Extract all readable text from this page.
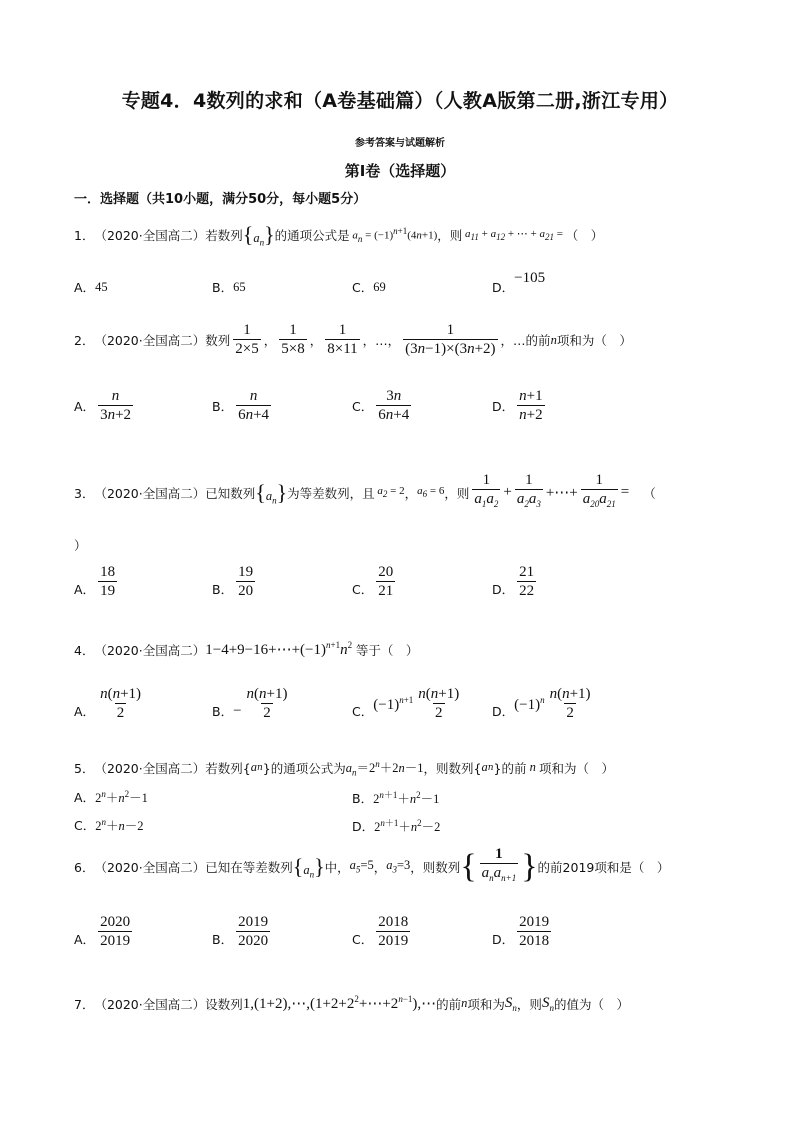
专题4．4数列的求和（A卷基础篇）（人教A版第二册,浙江专用）
参考答案与试题解析
第Ⅰ卷（选择题）
一．选择题（共10小题，满分50分，每小题5分）
1． （2020·全国高二） 若数列 $\{a_n\}$ 的通项公式是 $a_n = (-1)^{n+1}(4n+1)$ ，则 $a_{11} + a_{12}$ + ⋯ + $a_{21}$ = （　）
A． 45	B． 65	C． 69	D．
−105
2． （2020·全国高二） 数列 $\frac{1}{2\times 5}$ ， $\frac{1}{5\times 8}$ ， $\frac{1}{8\times 11}$ ，…， $\frac{1}{(3n-1)\times(3n+2)}$ ，…的前 n 项和为（　）
A． $\frac{n}{3n+2}$	B． $\frac{n}{6n+4}$	C． $\frac{3n}{6n+4}$	D． $\frac{n+1}{n+2}$
3． （2020·全国高二） 已知数列 $\{a_n\}$ 为等差数列，且 $a_2 = 2$ ， $a_6 = 6$ ，则 $\frac{1}{a_1a_2} + \frac{1}{a_2a_3}$ +⋯+ $\frac{1}{a_{20}a_{21}}$ = （
）
A． $\frac{18}{19}$	B． $\frac{19}{20}$	C． $\frac{20}{21}$	D． $\frac{21}{22}$
4． （2020·全国高二） $1-4+9-16+\cdots+(-1)^{n+1}n^2$ 等于（　）
A． $\frac{n(n+1)}{2}$	B． − $\frac{n(n+1)}{2}$	C． $(-1)^{n+1} \frac{n(n+1)}{2}$ D． $(-1)^n \frac{n(n+1)}{2}$
5． （2020·全国高二） 若数列{ a n }的通项公式为 $a_n=2^n+2n-1$ ，则数列{ a n }的前 n 项和为（　）
A． $2^n+n^2-1$	B． $2^{n+1}+n^2-1$
C． $2^n+n-2$	D． $2^{n+1}+n^2-2$
6． （2020·全国高二） 已知在等差数列 $\{a_n\}$ 中， $a_5=5$ ， $a_3=3$ ，则数列 { $\frac{1}{a_na_{n+1}}$ } 的前2019项和是（　）
A． $\frac{2020}{2019}$	B． $\frac{2019}{2020}$	C． $\frac{2018}{2019}$	D． $\frac{2019}{2018}$
7． （2020·全国高二） 设数列 $1,(1+2),\cdots,(1+2+2^2+\cdots+2^{n-1}),\cdots$ 的前 n 项和为 $S_n$ ，则 $S_n$ 的值为（　）
